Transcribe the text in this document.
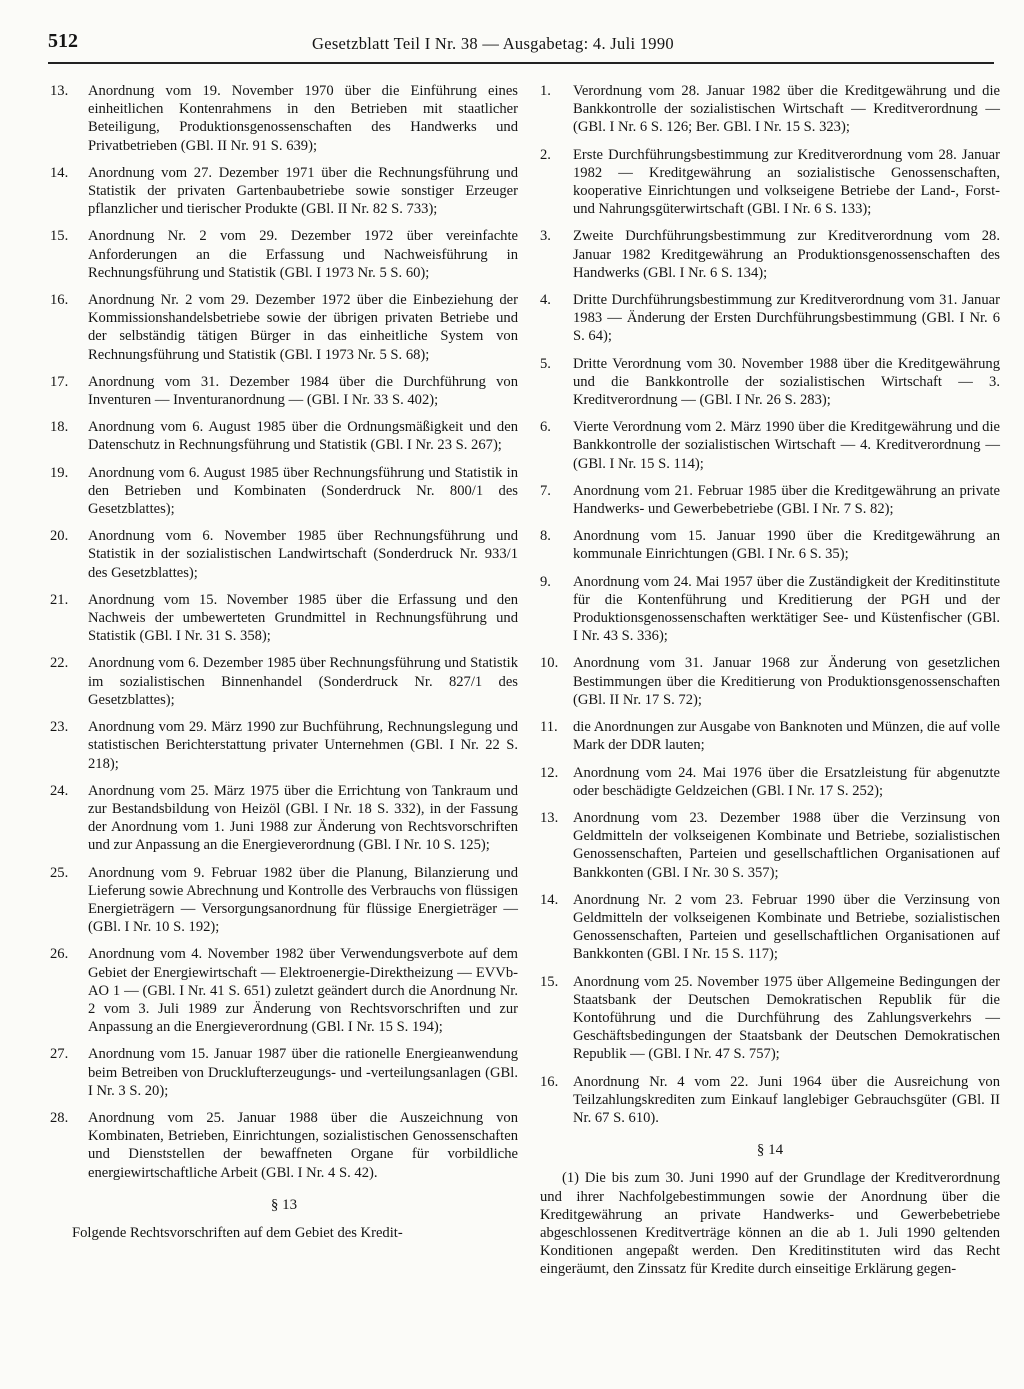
512	Gesetzblatt Teil I Nr. 38 — Ausgabetag: 4. Juli 1990
13.	Anordnung vom 19. November 1970 über die Einführung eines einheitlichen Kontenrahmens in den Betrieben mit staatlicher Beteiligung, Produktionsgenossenschaften des Handwerks und Privatbetrieben (GBl. II Nr. 91 S. 639);
14.	Anordnung vom 27. Dezember 1971 über die Rechnungsführung und Statistik der privaten Gartenbaubetriebe sowie sonstiger Erzeuger pflanzlicher und tierischer Produkte (GBl. II Nr. 82 S. 733);
15.	Anordnung Nr. 2 vom 29. Dezember 1972 über vereinfachte Anforderungen an die Erfassung und Nachweisführung in Rechnungsführung und Statistik (GBl. I 1973 Nr. 5 S. 60);
16.	Anordnung Nr. 2 vom 29. Dezember 1972 über die Einbeziehung der Kommissionshandelsbetriebe sowie der übrigen privaten Betriebe und der selbständig tätigen Bürger in das einheitliche System von Rechnungsführung und Statistik (GBl. I 1973 Nr. 5 S. 68);
17.	Anordnung vom 31. Dezember 1984 über die Durchführung von Inventuren — Inventuranordnung — (GBl. I Nr. 33 S. 402);
18.	Anordnung vom 6. August 1985 über die Ordnungsmäßigkeit und den Datenschutz in Rechnungsführung und Statistik (GBl. I Nr. 23 S. 267);
19.	Anordnung vom 6. August 1985 über Rechnungsführung und Statistik in den Betrieben und Kombinaten (Sonderdruck Nr. 800/1 des Gesetzblattes);
20.	Anordnung vom 6. November 1985 über Rechnungsführung und Statistik in der sozialistischen Landwirtschaft (Sonderdruck Nr. 933/1 des Gesetzblattes);
21.	Anordnung vom 15. November 1985 über die Erfassung und den Nachweis der umbewerteten Grundmittel in Rechnungsführung und Statistik (GBl. I Nr. 31 S. 358);
22.	Anordnung vom 6. Dezember 1985 über Rechnungsführung und Statistik im sozialistischen Binnenhandel (Sonderdruck Nr. 827/1 des Gesetzblattes);
23.	Anordnung vom 29. März 1990 zur Buchführung, Rechnungslegung und statistischen Berichterstattung privater Unternehmen (GBl. I Nr. 22 S. 218);
24.	Anordnung vom 25. März 1975 über die Errichtung von Tankraum und zur Bestandsbildung von Heizöl (GBl. I Nr. 18 S. 332), in der Fassung der Anordnung vom 1. Juni 1988 zur Änderung von Rechtsvorschriften und zur Anpassung an die Energieverordnung (GBl. I Nr. 10 S. 125);
25.	Anordnung vom 9. Februar 1982 über die Planung, Bilanzierung und Lieferung sowie Abrechnung und Kontrolle des Verbrauchs von flüssigen Energieträgern — Versorgungsanordnung für flüssige Energieträger — (GBl. I Nr. 10 S. 192);
26.	Anordnung vom 4. November 1982 über Verwendungsverbote auf dem Gebiet der Energiewirtschaft — Elektroenergie-Direktheizung — EVVb-AO 1 — (GBl. I Nr. 41 S. 651) zuletzt geändert durch die Anordnung Nr. 2 vom 3. Juli 1989 zur Änderung von Rechtsvorschriften und zur Anpassung an die Energieverordnung (GBl. I Nr. 15 S. 194);
27.	Anordnung vom 15. Januar 1987 über die rationelle Energieanwendung beim Betreiben von Drucklufterzeugungs- und -verteilungsanlagen (GBl. I Nr. 3 S. 20);
28.	Anordnung vom 25. Januar 1988 über die Auszeichnung von Kombinaten, Betrieben, Einrichtungen, sozialistischen Genossenschaften und Dienststellen der bewaffneten Organe für vorbildliche energiewirtschaftliche Arbeit (GBl. I Nr. 4 S. 42).
§ 13
Folgende Rechtsvorschriften auf dem Gebiet des Kredit-
1.	Verordnung vom 28. Januar 1982 über die Kreditgewährung und die Bankkontrolle der sozialistischen Wirtschaft — Kreditverordnung — (GBl. I Nr. 6 S. 126; Ber. GBl. I Nr. 15 S. 323);
2.	Erste Durchführungsbestimmung zur Kreditverordnung vom 28. Januar 1982 — Kreditgewährung an sozialistische Genossenschaften, kooperative Einrichtungen und volkseigene Betriebe der Land-, Forst- und Nahrungsgüterwirtschaft (GBl. I Nr. 6 S. 133);
3.	Zweite Durchführungsbestimmung zur Kreditverordnung vom 28. Januar 1982 Kreditgewährung an Produktionsgenossenschaften des Handwerks (GBl. I Nr. 6 S. 134);
4.	Dritte Durchführungsbestimmung zur Kreditverordnung vom 31. Januar 1983 — Änderung der Ersten Durchführungsbestimmung (GBl. I Nr. 6 S. 64);
5.	Dritte Verordnung vom 30. November 1988 über die Kreditgewährung und die Bankkontrolle der sozialistischen Wirtschaft — 3. Kreditverordnung — (GBl. I Nr. 26 S. 283);
6.	Vierte Verordnung vom 2. März 1990 über die Kreditgewährung und die Bankkontrolle der sozialistischen Wirtschaft — 4. Kreditverordnung — (GBl. I Nr. 15 S. 114);
7.	Anordnung vom 21. Februar 1985 über die Kreditgewährung an private Handwerks- und Gewerbebetriebe (GBl. I Nr. 7 S. 82);
8.	Anordnung vom 15. Januar 1990 über die Kreditgewährung an kommunale Einrichtungen (GBl. I Nr. 6 S. 35);
9.	Anordnung vom 24. Mai 1957 über die Zuständigkeit der Kreditinstitute für die Kontenführung und Kreditierung der PGH und der Produktionsgenossenschaften werktätiger See- und Küstenfischer (GBl. I Nr. 43 S. 336);
10.	Anordnung vom 31. Januar 1968 zur Änderung von gesetzlichen Bestimmungen über die Kreditierung von Produktionsgenossenschaften (GBl. II Nr. 17 S. 72);
11.	die Anordnungen zur Ausgabe von Banknoten und Münzen, die auf volle Mark der DDR lauten;
12.	Anordnung vom 24. Mai 1976 über die Ersatzleistung für abgenutzte oder beschädigte Geldzeichen (GBl. I Nr. 17 S. 252);
13.	Anordnung vom 23. Dezember 1988 über die Verzinsung von Geldmitteln der volkseigenen Kombinate und Betriebe, sozialistischen Genossenschaften, Parteien und gesellschaftlichen Organisationen auf Bankkonten (GBl. I Nr. 30 S. 357);
14.	Anordnung Nr. 2 vom 23. Februar 1990 über die Verzinsung von Geldmitteln der volkseigenen Kombinate und Betriebe, sozialistischen Genossenschaften, Parteien und gesellschaftlichen Organisationen auf Bankkonten (GBl. I Nr. 15 S. 117);
15.	Anordnung vom 25. November 1975 über Allgemeine Bedingungen der Staatsbank der Deutschen Demokratischen Republik für die Kontoführung und die Durchführung des Zahlungsverkehrs — Geschäftsbedingungen der Staatsbank der Deutschen Demokratischen Republik — (GBl. I Nr. 47 S. 757);
16.	Anordnung Nr. 4 vom 22. Juni 1964 über die Ausreichung von Teilzahlungskrediten zum Einkauf langlebiger Gebrauchsgüter (GBl. II Nr. 67 S. 610).
§ 14
(1) Die bis zum 30. Juni 1990 auf der Grundlage der Kreditverordnung und ihrer Nachfolgebestimmungen sowie der Anordnung über die Kreditgewährung an private Handwerks- und Gewerbebetriebe abgeschlossenen Kreditverträge können an die ab 1. Juli 1990 geltenden Konditionen angepaßt werden. Den Kreditinstituten wird das Recht eingeräumt, den Zinssatz für Kredite durch einseitige Erklärung gegen-
